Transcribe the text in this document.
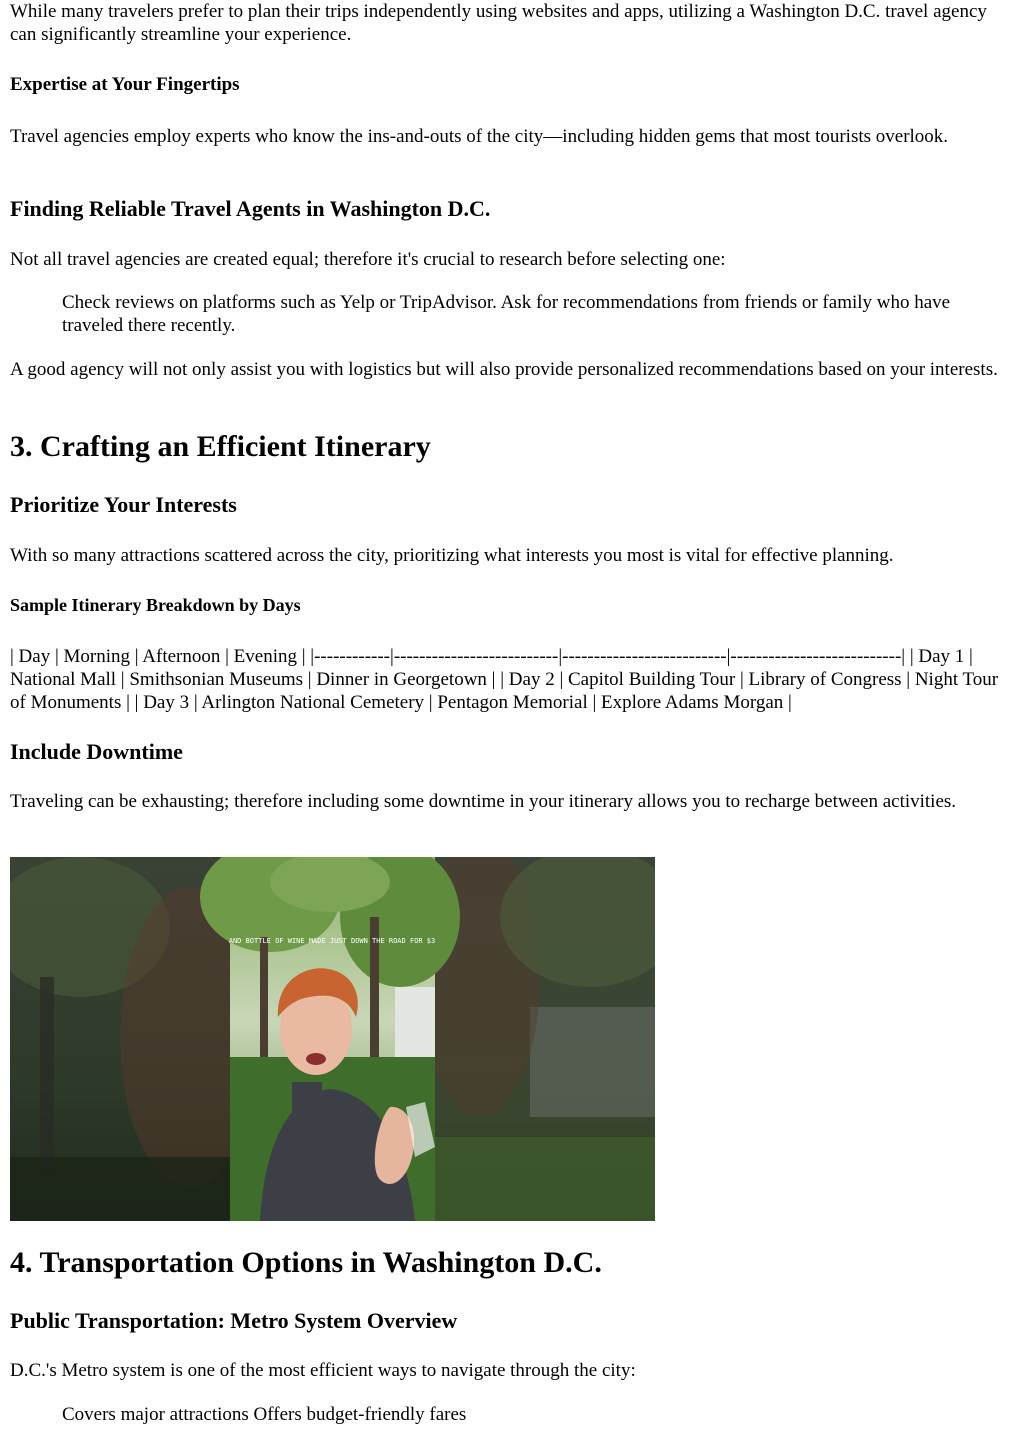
While many travelers prefer to plan their trips independently using websites and apps, utilizing a Washington D.C. travel agency can significantly streamline your experience.

Expertise at Your Fingertips

Travel agencies employ experts who know the ins-and-outs of the city—including hidden gems that most tourists overlook.

Finding Reliable Travel Agents in Washington D.C.

Not all travel agencies are created equal; therefore it's crucial to research before selecting one:

Check reviews on platforms such as Yelp or TripAdvisor. Ask for recommendations from friends or family who have traveled there recently.

A good agency will not only assist you with logistics but will also provide personalized recommendations based on your interests.

3. Crafting an Efficient Itinerary
Prioritize Your Interests

With so many attractions scattered across the city, prioritizing what interests you most is vital for effective planning.

Sample Itinerary Breakdown by Days

| Day | Morning | Afternoon | Evening | |------------|--------------------------|--------------------------|---------------------------| | Day 1 | National Mall | Smithsonian Museums | Dinner in Georgetown | | Day 2 | Capitol Building Tour | Library of Congress | Night Tour of Monuments | | Day 3 | Arlington National Cemetery | Pentagon Memorial | Explore Adams Morgan |

Include Downtime

Traveling can be exhausting; therefore including some downtime in your itinerary allows you to recharge between activities.

AND BOTTLE OF WINE MADE JUST DOWN THE ROAD FOR $3
4. Transportation Options in Washington D.C.
Public Transportation: Metro System Overview

D.C.'s Metro system is one of the most efficient ways to navigate through the city:

Covers major attractions Offers budget-friendly fares
